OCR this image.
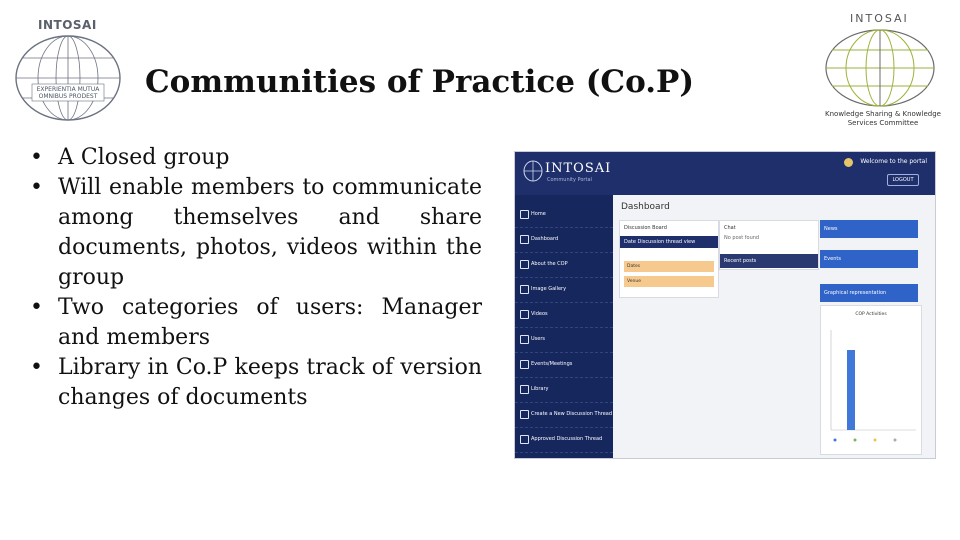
INTOSAI
EXPERIENTIA MUTUA
OMNIBUS PRODEST
INTOSAI
Knowledge Sharing & Knowledge Services Committee
Communities of Practice (Co.P)
• A Closed group
• Will enable members to communicate among themselves and share documents, photos, videos within the group
• Two categories of users: Manager and members
• Library in Co.P keeps track of version changes of documents
INTOSAI
Community Portal
Welcome to the portal
LOGOUT
Home
Dashboard
About the COP
Image Gallery
Videos
Users
Events/Meetings
Library
Create a New Discussion Thread
Approved Discussion Thread
Dashboard
Discussion Board
Date Discussion thread view
Dates
Venue
Chat
No post found
Recent posts
News
Events
Graphical representation
COP Activities
